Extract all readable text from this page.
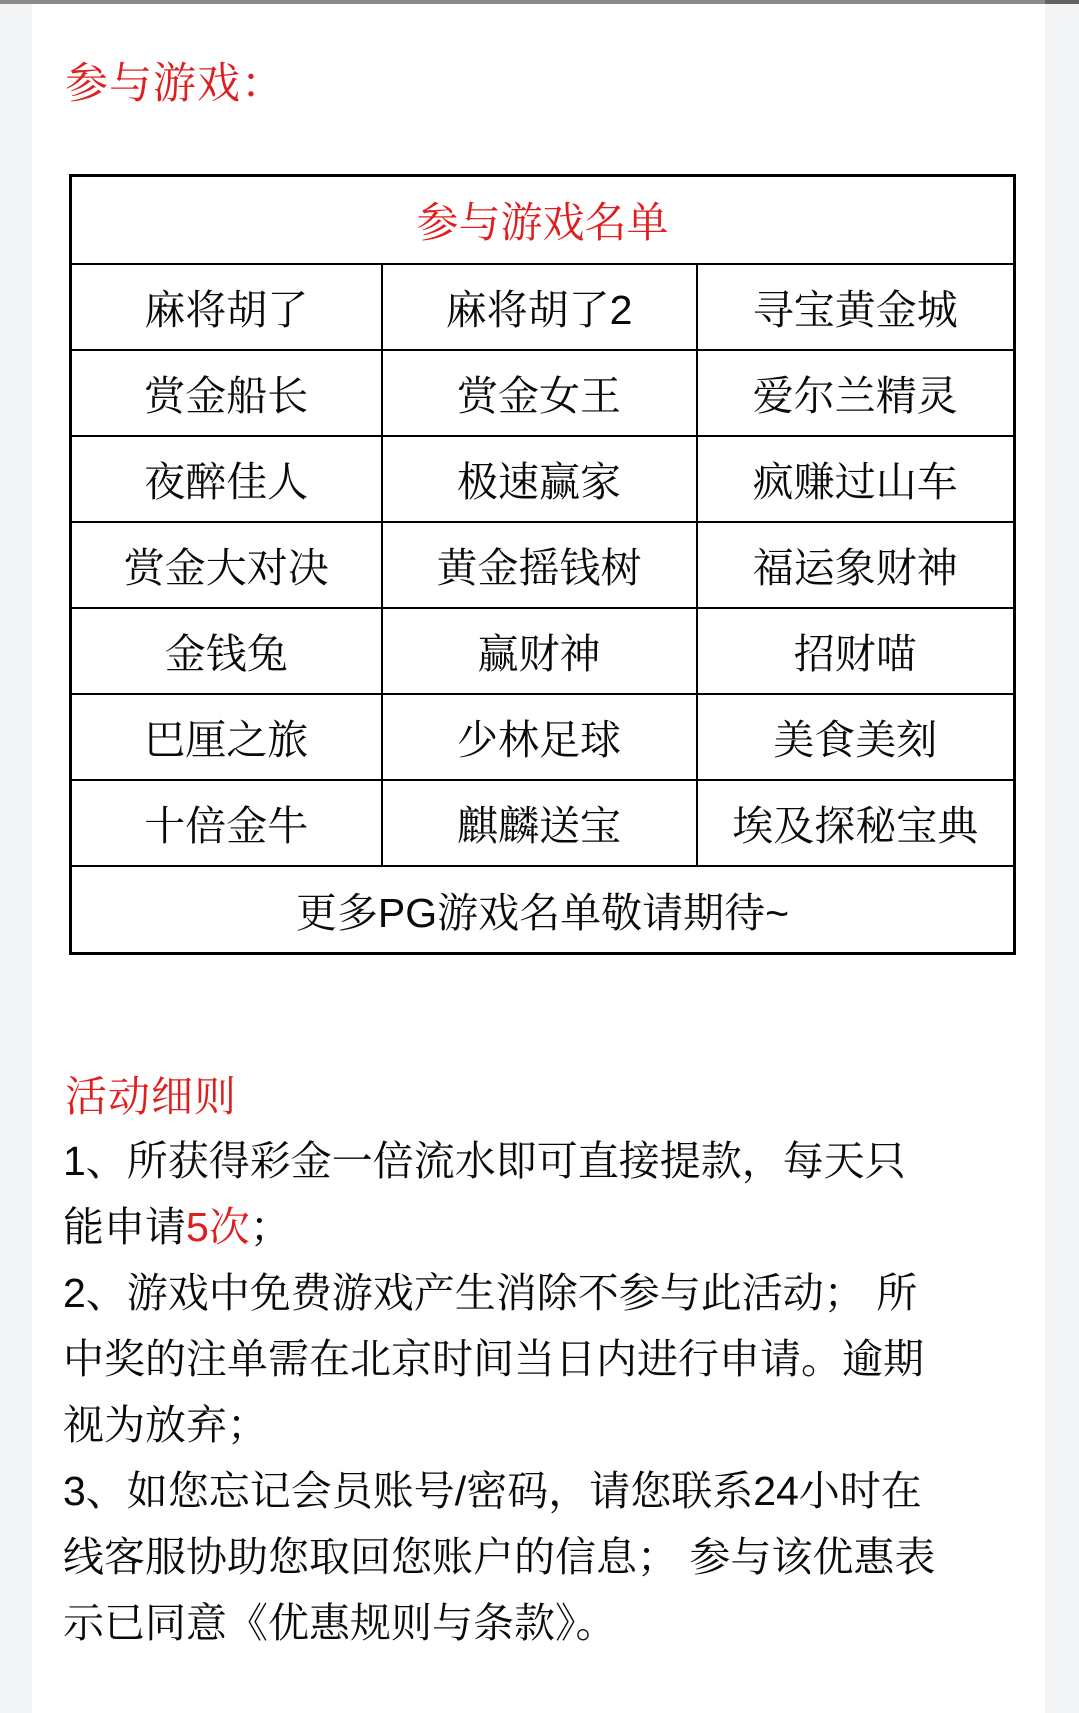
参与游戏：
参与游戏名单		
麻将胡了	麻将胡了2	寻宝黄金城
赏金船长	赏金女王	爱尔兰精灵
夜醉佳人	极速赢家	疯赚过山车
赏金大对决	黄金摇钱树	福运象财神
金钱兔	赢财神	招财喵
巴厘之旅	少林足球	美食美刻
十倍金牛	麒麟送宝	埃及探秘宝典
更多PG游戏名单敬请期待~		
活动细则
1、所获得彩金一倍流水即可直接提款，每天只
能申请5次；
2、游戏中免费游戏产生消除不参与此活动； 所
中奖的注单需在北京时间当日内进行申请。逾期
视为放弃；
3、如您忘记会员账号/密码，请您联系24小时在
线客服协助您取回您账户的信息； 参与该优惠表
示已同意《优惠规则与条款》。
